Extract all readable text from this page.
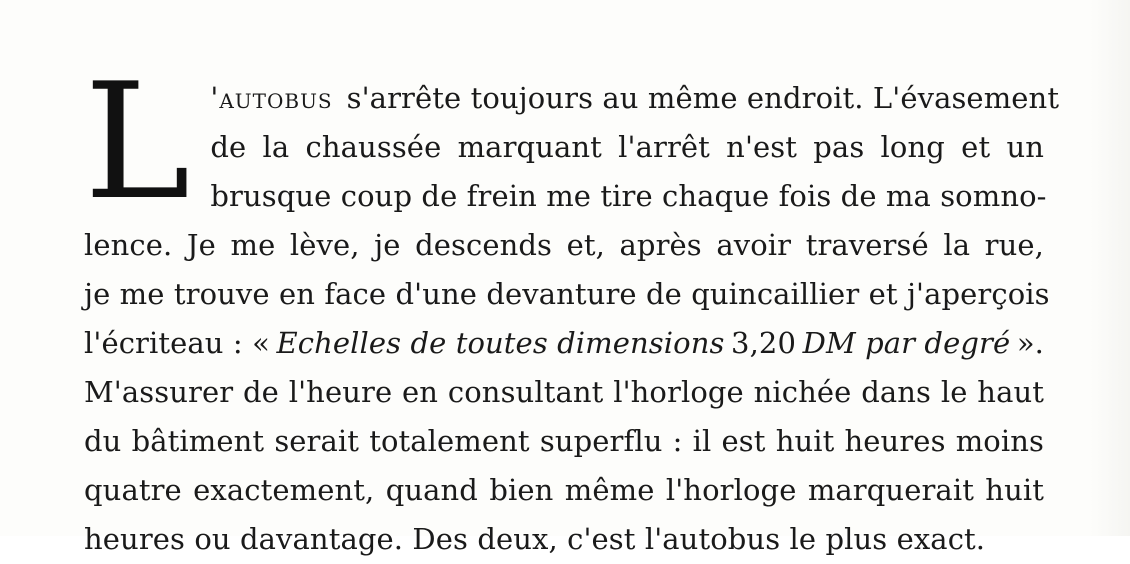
L 'autobus s'arrête toujours au même endroit. L'évasement
de la chaussée marquant l'arrêt n'est pas long et un
brusque coup de frein me tire chaque fois de ma somno-
lence. Je me lève, je descends et, après avoir traversé la rue,
je me trouve en face d'une devanture de quincaillier et j'aperçois
l'écriteau : « Echelles de toutes dimensions 3,20 DM par degré ».
M'assurer de l'heure en consultant l'horloge nichée dans le haut
du bâtiment serait totalement superflu : il est huit heures moins
quatre exactement, quand bien même l'horloge marquerait huit
heures ou davantage. Des deux, c'est l'autobus le plus exact.
